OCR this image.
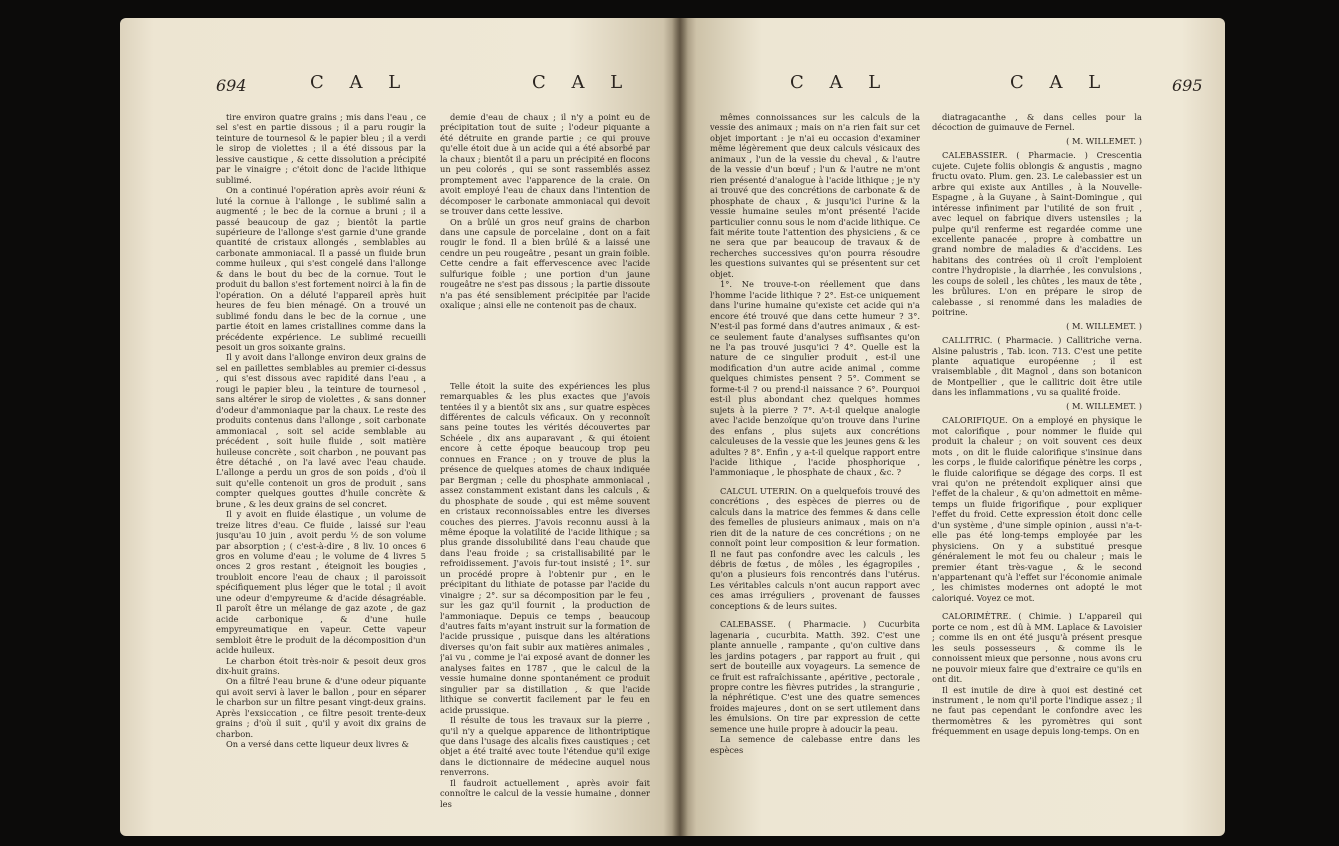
694	C A L	C A L

tire environ quatre grains ; mis dans l'eau , ce sel s'est en partie dissous ; il a paru rougir la teinture de tournesol & le papier bleu ; il a verdi le sirop de violettes ; il a été dissous par la lessive caustique , & cette dissolution a précipité par le vinaigre ; c'étoit donc de l'acide lithique sublimé.

On a continué l'opération après avoir réuni & luté la cornue à l'allonge , le sublimé salin a augmenté ; le bec de la cornue a bruni ; il a passé beaucoup de gaz ; bientôt la partie supérieure de l'allonge s'est garnie d'une grande quantité de cristaux allongés , semblables au carbonate ammoniacal. Il a passé un fluide brun comme huileux , qui s'est congelé dans l'allonge & dans le bout du bec de la cornue. Tout le produit du ballon s'est fortement noirci à la fin de l'opération. On a déluté l'appareil après huit heures de feu bien ménagé. On a trouvé un sublimé fondu dans le bec de la cornue , une partie étoit en lames cristallines comme dans la précédente expérience. Le sublimé recueilli pesoit un gros soixante grains.

Il y avoit dans l'allonge environ deux grains de sel en paillettes semblables au premier ci-dessus , qui s'est dissous avec rapidité dans l'eau , a rougi le papier bleu , la teinture de tournesol , sans altérer le sirop de violettes , & sans donner d'odeur d'ammoniaque par la chaux. Le reste des produits contenus dans l'allonge , soit carbonate ammoniacal , soit sel acide semblable au précédent , soit huile fluide , soit matière huileuse concrète , soit charbon , ne pouvant pas être détaché , on l'a lavé avec l'eau chaude. L'allonge a perdu un gros de son poids , d'où il suit qu'elle contenoit un gros de produit , sans compter quelques gouttes d'huile concrète & brune , & les deux grains de sel concret.

Il y avoit en fluide élastique , un volume de treize litres d'eau. Ce fluide , laissé sur l'eau jusqu'au 10 juin , avoit perdu ½ de son volume par absorption ; ( c'est-à-dire , 8 liv. 10 onces 6 gros en volume d'eau ; le volume de 4 livres 5 onces 2 gros restant , éteignoit les bougies , troubloit encore l'eau de chaux ; il paroissoit spécifiquement plus léger que le total ; il avoit une odeur d'empyreume & d'acide désagréable. Il paroît être un mélange de gaz azote , de gaz acide carbonique , & d'une huile empyreumatique en vapeur. Cette vapeur sembloit être le produit de la décomposition d'un acide huileux.

Le charbon étoit très-noir & pesoit deux gros dix-huit grains.

On a filtré l'eau brune & d'une odeur piquante qui avoit servi à laver le ballon , pour en séparer le charbon sur un filtre pesant vingt-deux grains. Après l'exsiccation , ce filtre pesoit trente-deux grains ; d'où il suit , qu'il y avoit dix grains de charbon.

On a versé dans cette liqueur deux livres &

demie d'eau de chaux ; il n'y a point eu de précipitation tout de suite ; l'odeur piquante a été détruite en grande partie ; ce qui prouve qu'elle étoit due à un acide qui a été absorbé par la chaux ; bientôt il a paru un précipité en flocons un peu colorés , qui se sont rassemblés assez promptement avec l'apparence de la craie. On avoit employé l'eau de chaux dans l'intention de décomposer le carbonate ammoniacal qui devoit se trouver dans cette lessive.

On a brûlé un gros neuf grains de charbon dans une capsule de porcelaine , dont on a fait rougir le fond. Il a bien brûlé & a laissé une cendre un peu rougeâtre , pesant un grain foible. Cette cendre a fait effervescence avec l'acide sulfurique foible ; une portion d'un jaune rougeâtre ne s'est pas dissous ; la partie dissoute n'a pas été sensiblement précipitée par l'acide oxalique ; ainsi elle ne contenoit pas de chaux.

Telle étoit la suite des expériences les plus remarquables & les plus exactes que j'avois tentées il y a bientôt six ans , sur quatre espèces différentes de calculs véficaux. On y reconnoît sans peine toutes les vérités découvertes par Schéele , dix ans auparavant , & qui étoient encore à cette époque beaucoup trop peu connues en France ; on y trouve de plus la présence de quelques atomes de chaux indiquée par Bergman ; celle du phosphate ammoniacal , assez constamment existant dans les calculs , & du phosphate de soude , qui est même souvent en cristaux reconnoissables entre les diverses couches des pierres. J'avois reconnu aussi à la même époque la volatilité de l'acide lithique ; sa plus grande dissolubilité dans l'eau chaude que dans l'eau froide ; sa cristallisabilité par le refroidissement. J'avois fur-tout insisté ; 1°. sur un procédé propre à l'obtenir pur , en le précipitant du lithiate de potasse par l'acide du vinaigre ; 2°. sur sa décomposition par le feu , sur les gaz qu'il fournit , la production de l'ammoniaque. Depuis ce temps , beaucoup d'autres faits m'ayant instruit sur la formation de l'acide prussique , puisque dans les altérations diverses qu'on fait subir aux matières animales , j'ai vu , comme je l'ai exposé avant de donner les analyses faites en 1787 , que le calcul de la vessie humaine donne spontanément ce produit singulier par sa distillation , & que l'acide lithique se convertit facilement par le feu en acide prussique.

Il résulte de tous les travaux sur la pierre , qu'il n'y a quelque apparence de lithontriptique que dans l'usage des alcalis fixes caustiques ; cet objet a été traité avec toute l'étendue qu'il exige dans le dictionnaire de médecine auquel nous renverrons.

Il faudroit actuellement , après avoir fait connoître le calcul de la vessie humaine , donner les

C A L	C A L	695

mêmes connoissances sur les calculs de la vessie des animaux ; mais on n'a rien fait sur cet objet important : je n'ai eu occasion d'examiner même légèrement que deux calculs vésicaux des animaux , l'un de la vessie du cheval , & l'autre de la vessie d'un bœuf ; l'un & l'autre ne m'ont rien présenté d'analogue à l'acide lithique ; je n'y ai trouvé que des concrétions de carbonate & de phosphate de chaux , & jusqu'ici l'urine & la vessie humaine seules m'ont présenté l'acide particulier connu sous le nom d'acide lithique. Ce fait mérite toute l'attention des physiciens , & ce ne sera que par beaucoup de travaux & de recherches successives qu'on pourra résoudre les questions suivantes qui se présentent sur cet objet.

1°. Ne trouve-t-on réellement que dans l'homme l'acide lithique ? 2°. Est-ce uniquement dans l'urine humaine qu'existe cet acide qui n'a encore été trouvé que dans cette humeur ? 3°. N'est-il pas formé dans d'autres animaux , & est-ce seulement faute d'analyses suffisantes qu'on ne l'a pas trouvé jusqu'ici ? 4°. Quelle est la nature de ce singulier produit , est-il une modification d'un autre acide animal , comme quelques chimistes pensent ? 5°. Comment se forme-t-il ? ou prend-il naissance ? 6°. Pourquoi est-il plus abondant chez quelques hommes sujets à la pierre ? 7°. A-t-il quelque analogie avec l'acide benzoïque qu'on trouve dans l'urine des enfans , plus sujets aux concrétions calculeuses de la vessie que les jeunes gens & les adultes ? 8°. Enfin , y a-t-il quelque rapport entre l'acide lithique , l'acide phosphorique , l'ammoniaque , le phosphate de chaux , &c. ?

CALCUL UTERIN. On a quelquefois trouvé des concrétions , des espèces de pierres ou de calculs dans la matrice des femmes & dans celle des femelles de plusieurs animaux , mais on n'a rien dit de la nature de ces concrétions ; on ne connoît point leur composition & leur formation. Il ne faut pas confondre avec les calculs , les débris de fœtus , de môles , les égagropiles , qu'on a plusieurs fois rencontrés dans l'utérus. Les véritables calculs n'ont aucun rapport avec ces amas irréguliers , provenant de fausses conceptions & de leurs suites.

CALEBASSE. ( Pharmacie. ) Cucurbita lagenaria , cucurbita. Matth. 392. C'est une plante annuelle , rampante , qu'on cultive dans les jardins potagers , par rapport au fruit , qui sert de bouteille aux voyageurs. La semence de ce fruit est rafraîchissante , apéritive , pectorale , propre contre les fièvres putrides , la strangurie , la néphrétique. C'est une des quatre semences froides majeures , dont on se sert utilement dans les émulsions. On tire par expression de cette semence une huile propre à adoucir la peau.

La semence de calebasse entre dans les espèces

diatragacanthe , & dans celles pour la décoction de guimauve de Fernel.

( M. WILLEMET. )

CALEBASSIER. ( Pharmacie. ) Crescentia cujete. Cujete foliis oblongis & angustis , magno fructu ovato. Plum. gen. 23. Le calebassier est un arbre qui existe aux Antilles , à la Nouvelle-Espagne , à la Guyane , à Saint-Domingue , qui intéresse infiniment par l'utilité de son fruit , avec lequel on fabrique divers ustensiles ; la pulpe qu'il renferme est regardée comme une excellente panacée , propre à combattre un grand nombre de maladies & d'accidens. Les habitans des contrées où il croît l'emploient contre l'hydropisie , la diarrhée , les convulsions , les coups de soleil , les chûtes , les maux de tête , les brûlures. L'on en prépare le sirop de calebasse , si renommé dans les maladies de poitrine.

( M. WILLEMET. )

CALLITRIC. ( Pharmacie. ) Callitriche verna. Alsine palustris , Tab. icon. 713. C'est une petite plante aquatique européenne ; il est vraisemblable , dit Magnol , dans son botanicon de Montpellier , que le callitric doit être utile dans les inflammations , vu sa qualité froide.

( M. WILLEMET. )

CALORIFIQUE. On a employé en physique le mot calorifique , pour nommer le fluide qui produit la chaleur ; on voit souvent ces deux mots , on dit le fluide calorifique s'insinue dans les corps , le fluide calorifique pénètre les corps , le fluide calorifique se dégage des corps. Il est vrai qu'on ne prétendoit expliquer ainsi que l'effet de la chaleur , & qu'on admettoit en même-temps un fluide frigorifique , pour expliquer l'effet du froid. Cette expression étoit donc celle d'un système , d'une simple opinion , aussi n'a-t-elle pas été long-temps employée par les physiciens. On y a substitué presque généralement le mot feu ou chaleur ; mais le premier étant très-vague , & le second n'appartenant qu'à l'effet sur l'économie animale , les chimistes modernes ont adopté le mot caloriqué. Voyez ce mot.

CALORIMÈTRE. ( Chimie. ) L'appareil qui porte ce nom , est dû à MM. Laplace & Lavoisier ; comme ils en ont été jusqu'à présent presque les seuls possesseurs , & comme ils le connoissent mieux que personne , nous avons cru ne pouvoir mieux faire que d'extraire ce qu'ils en ont dit.

Il est inutile de dire à quoi est destiné cet instrument , le nom qu'il porte l'indique assez ; il ne faut pas cependant le confondre avec les thermomètres & les pyromètres qui sont fréquemment en usage depuis long-temps. On en
